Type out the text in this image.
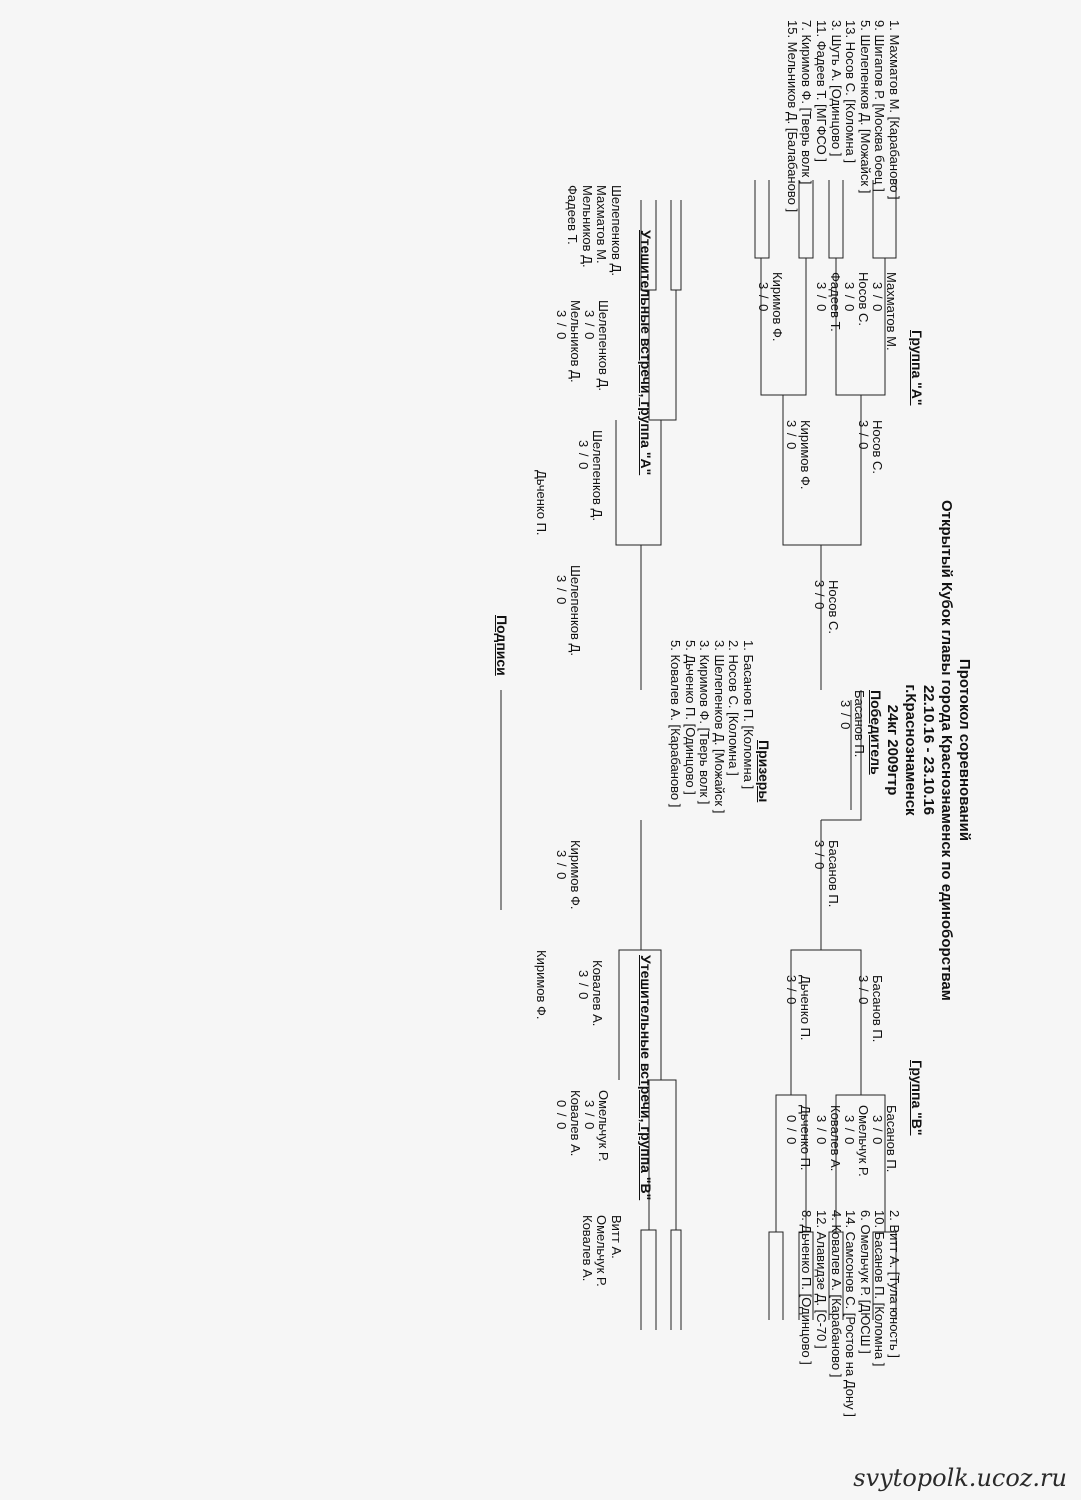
Протокол соревнований
Открытый Кубок главы города Краснознаменск по единоборствам
22.10.16 - 23.10.16
г.Краснознаменск
24кг 2009гтр
Группа "А"
1. Махматов М. [Карабаново ]
9. Шигапов Р. [Москва боец ]
5. Шелепенков Д. [Можайск ]
13. Носов С. [Коломна ]
3. Шуть А. [Одинцово ]
11. Фадеев Т. [МГФСО ]
7. Киримов Ф. [Тверь волк ]
15. Мельников Д. [Балабаново ]
Махматов М.
3 / 0
Носов С.
3 / 0
Фадеев Т.
3 / 0
Киримов Ф.
3 / 0
Носов С.
3 / 0
Киримов Ф.
3 / 0
Носов С.
3 / 0
Победитель
Басанов П.
3 / 0
Призеры
1. Басанов П. [Коломна ]
2. Носов С. [Коломна ]
3. Шелепенков Д. [Можайск ]
3. Киримов Ф. [Тверь волк ]
5. Дьченко П. [Одинцово ]
5. Ковалев А. [Карабаново ]
Группа "В"
2. Витт А. [Тула юность ]
10. Басанов П. [Коломна ]
6. Омельчук Р. [ДЮСШ ]
14. Самсонов С. [Ростов на Дону ]
4. Ковалев А. [Карабаново ]
12. Алавидзе Д. [С-70 ]
8. Дьченко П. [Одинцово ]
Басанов П.
3 / 0
Омельчук Р.
3 / 0
Ковалев А.
3 / 0
Дьченко П.
0 / 0
Басанов П.
3 / 0
Дьченко П.
3 / 0
Басанов П.
3 / 0
Утешительные встречи, группа "А"
Шелепенков Д.
Махматов М.
Мельников Д.
Фадеев Т.
Шелепенков Д.
3 / 0
Мельников Д.
3 / 0
Шелепенков Д.
3 / 0
Дьченко П.
Шелепенков Д.
3 / 0
Утешительные встречи, группа "В"
Витт А.
Омельчук Р.
Ковалев А.
Омельчук Р.
3 / 0
Ковалев А.
0 / 0
Ковалев А.
3 / 0
Киримов Ф.
Киримов Ф.
3 / 0
Подписи
svytopolk.ucoz.ru
